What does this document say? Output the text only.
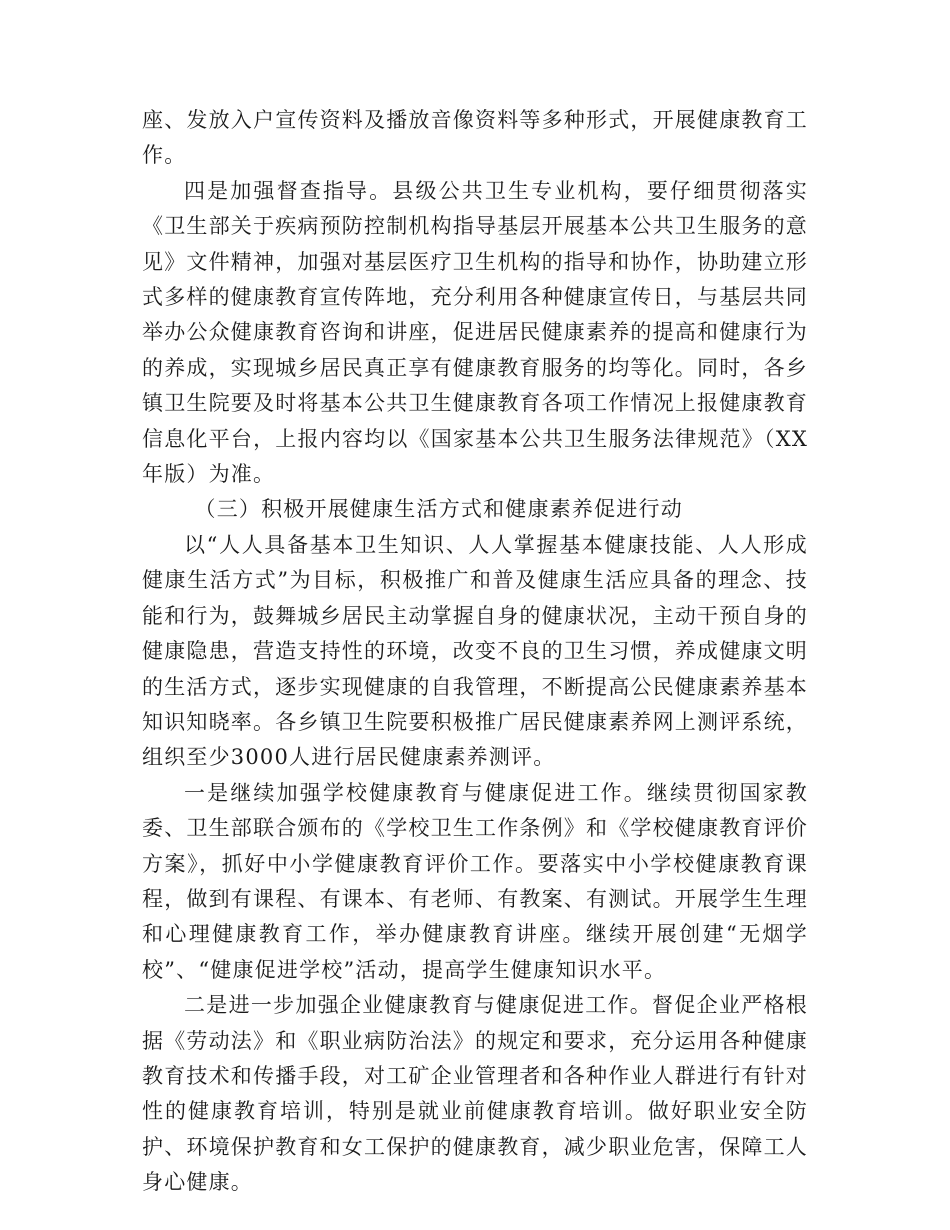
座、发放入户宣传资料及播放音像资料等多种形式，开展健康教育工作。

四是加强督查指导。县级公共卫生专业机构，要仔细贯彻落实《卫生部关于疾病预防控制机构指导基层开展基本公共卫生服务的意见》文件精神，加强对基层医疗卫生机构的指导和协作，协助建立形式多样的健康教育宣传阵地，充分利用各种健康宣传日，与基层共同举办公众健康教育咨询和讲座，促进居民健康素养的提高和健康行为的养成，实现城乡居民真正享有健康教育服务的均等化。同时，各乡镇卫生院要及时将基本公共卫生健康教育各项工作情况上报健康教育信息化平台，上报内容均以《国家基本公共卫生服务法律规范》（XX年版）为准。

（三）积极开展健康生活方式和健康素养促进行动

以“人人具备基本卫生知识、人人掌握基本健康技能、人人形成健康生活方式”为目标，积极推广和普及健康生活应具备的理念、技能和行为，鼓舞城乡居民主动掌握自身的健康状况，主动干预自身的健康隐患，营造支持性的环境，改变不良的卫生习惯，养成健康文明的生活方式，逐步实现健康的自我管理，不断提高公民健康素养基本知识知晓率。各乡镇卫生院要积极推广居民健康素养网上测评系统，组织至少3000人进行居民健康素养测评。

一是继续加强学校健康教育与健康促进工作。继续贯彻国家教委、卫生部联合颁布的《学校卫生工作条例》和《学校健康教育评价方案》，抓好中小学健康教育评价工作。要落实中小学校健康教育课程，做到有课程、有课本、有老师、有教案、有测试。开展学生生理和心理健康教育工作，举办健康教育讲座。继续开展创建“无烟学校”、“健康促进学校”活动，提高学生健康知识水平。

二是进一步加强企业健康教育与健康促进工作。督促企业严格根据《劳动法》和《职业病防治法》的规定和要求，充分运用各种健康教育技术和传播手段，对工矿企业管理者和各种作业人群进行有针对性的健康教育培训，特别是就业前健康教育培训。做好职业安全防护、环境保护教育和女工保护的健康教育，减少职业危害，保障工人身心健康。
